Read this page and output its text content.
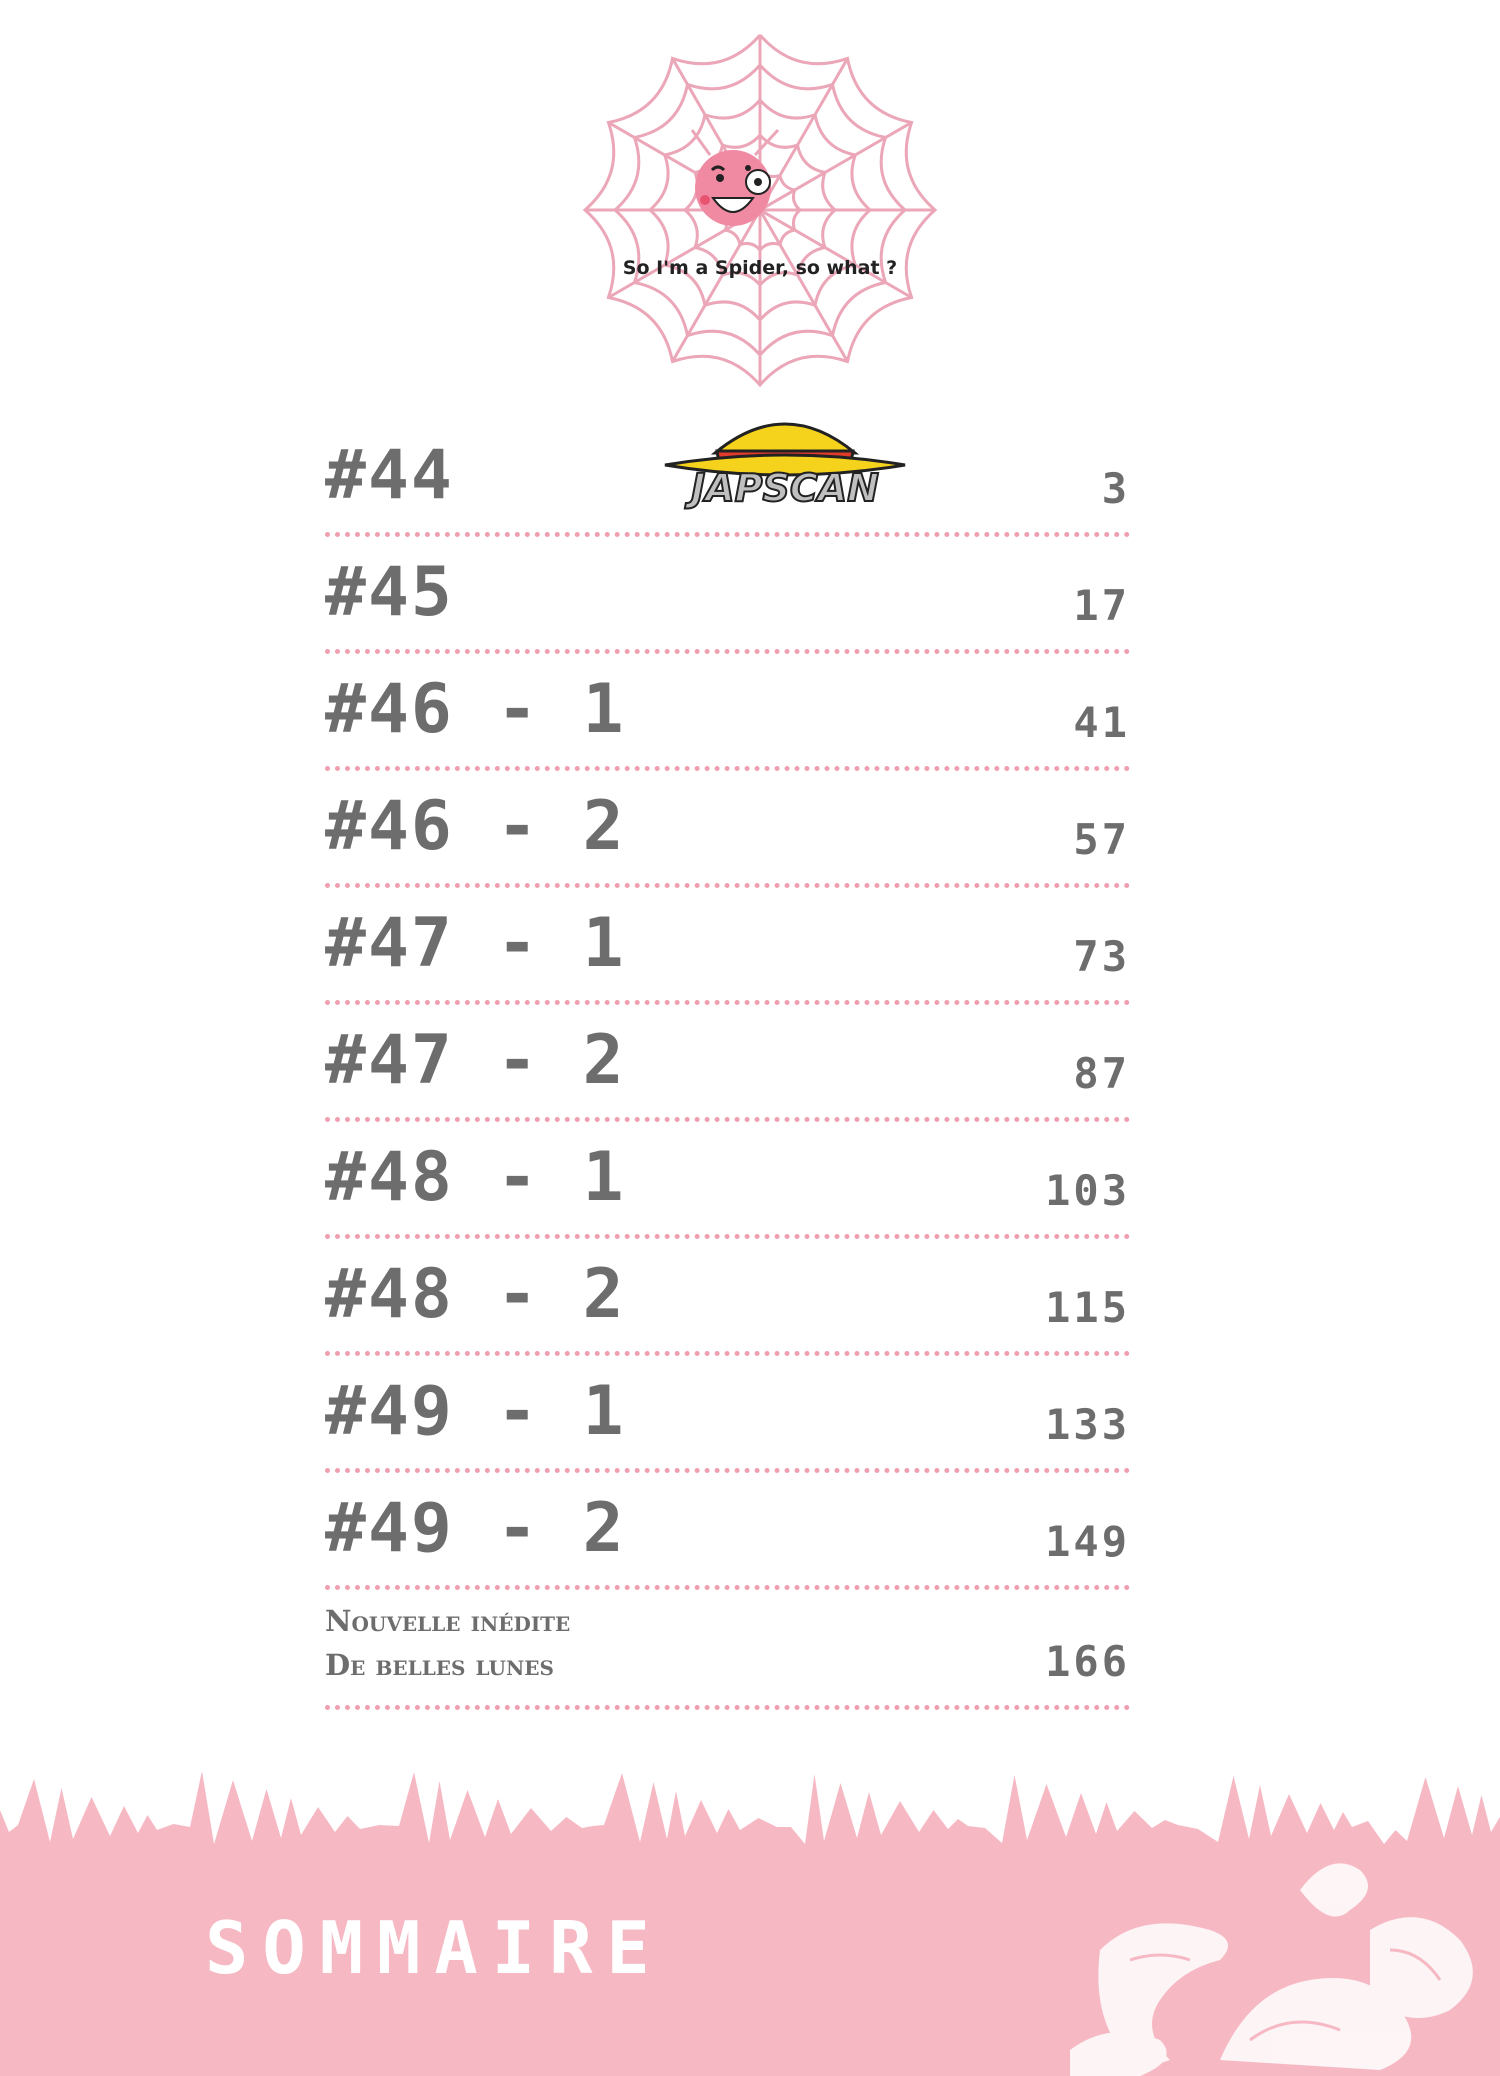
So I'm a Spider, so what ?
JAPSCAN
#44	3
#45	17
#46 - 1	41
#46 - 2	57
#47 - 1	73
#47 - 2	87
#48 - 1	103
#48 - 2	115
#49 - 1	133
#49 - 2	149
Nouvelle inédite
De belles lunes	166
SOMMAIRE
